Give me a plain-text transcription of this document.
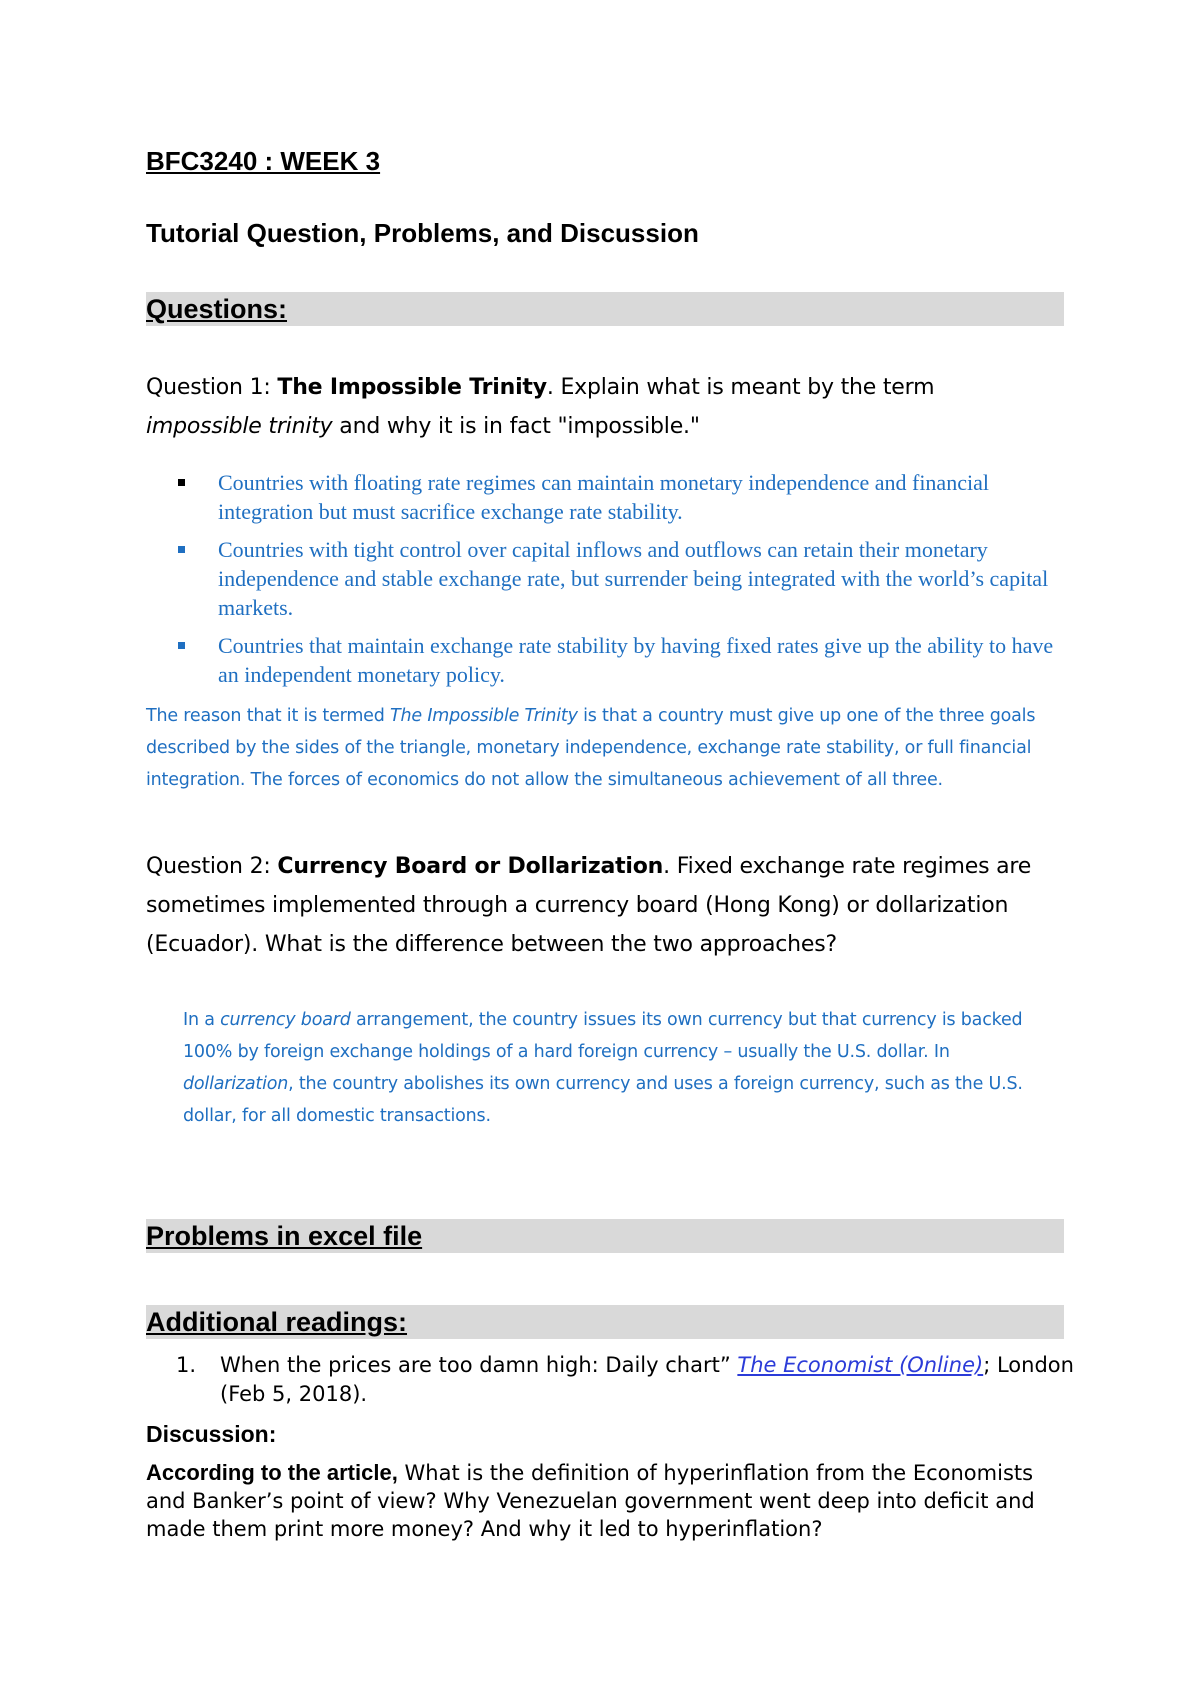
BFC3240 : WEEK 3
Tutorial Question, Problems, and Discussion
Questions:
Question 1: The Impossible Trinity. Explain what is meant by the term
impossible trinity and why it is in fact "impossible."
Countries with floating rate regimes can maintain monetary independence and financial integration but must sacrifice exchange rate stability.
Countries with tight control over capital inflows and outflows can retain their monetary independence and stable exchange rate, but surrender being integrated with the world’s capital markets.
Countries that maintain exchange rate stability by having fixed rates give up the ability to have an independent monetary policy.
The reason that it is termed The Impossible Trinity is that a country must give up one of the three goals described by the sides of the triangle, monetary independence, exchange rate stability, or full financial integration. The forces of economics do not allow the simultaneous achievement of all three.
Question 2: Currency Board or Dollarization. Fixed exchange rate regimes are sometimes implemented through a currency board (Hong Kong) or dollarization (Ecuador). What is the difference between the two approaches?
In a currency board arrangement, the country issues its own currency but that currency is backed 100% by foreign exchange holdings of a hard foreign currency – usually the U.S. dollar. In dollarization, the country abolishes its own currency and uses a foreign currency, such as the U.S. dollar, for all domestic transactions.
Problems in excel file
Additional readings:
1.	When the prices are too damn high: Daily chart” The Economist (Online); London (Feb 5, 2018).
Discussion:
According to the article, What is the definition of hyperinflation from the Economists and Banker’s point of view? Why Venezuelan government went deep into deficit and made them print more money? And why it led to hyperinflation?
